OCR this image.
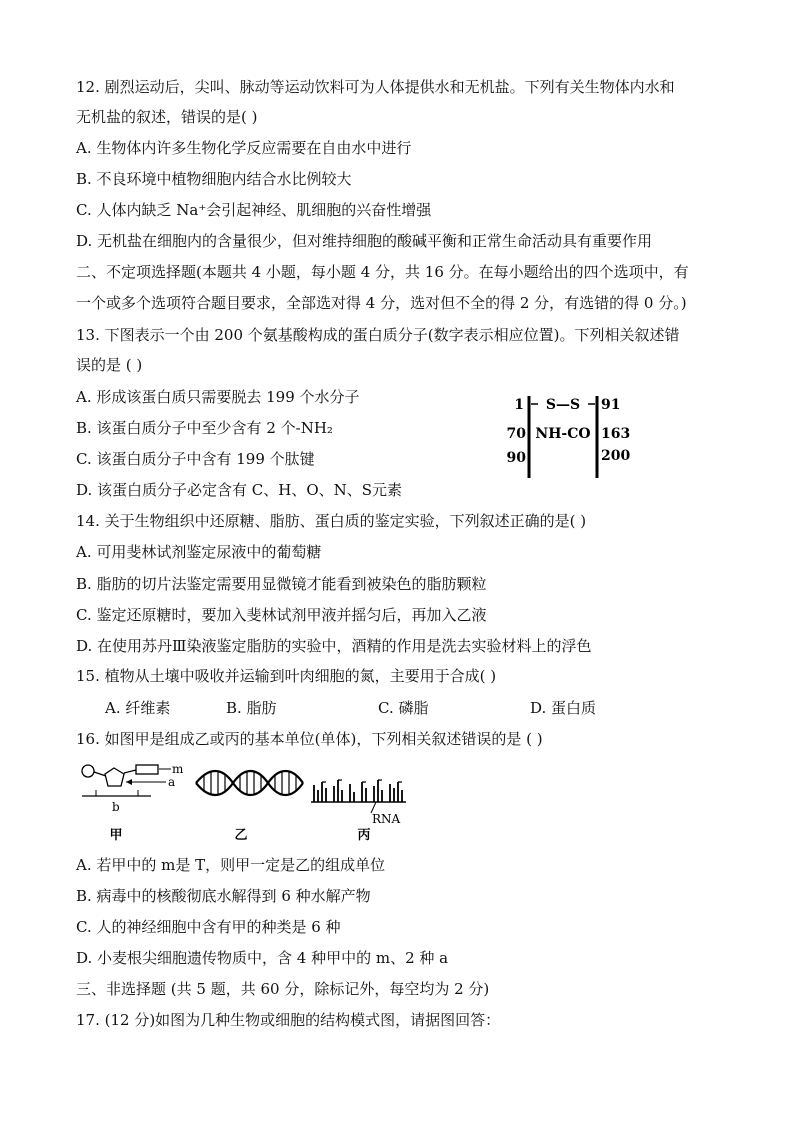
12. 剧烈运动后，尖叫、脉动等运动饮料可为人体提供水和无机盐。下列有关生物体内水和
无机盐的叙述，错误的是( )
A. 生物体内许多生物化学反应需要在自由水中进行
B. 不良环境中植物细胞内结合水比例较大
C. 人体内缺乏 Na⁺会引起神经、肌细胞的兴奋性增强
D. 无机盐在细胞内的含量很少，但对维持细胞的酸碱平衡和正常生命活动具有重要作用
二、不定项选择题(本题共 4 小题，每小题 4 分，共 16 分。在每小题给出的四个选项中，有
一个或多个选项符合题目要求，全部选对得 4 分，选对但不全的得 2 分，有选错的得 0 分。)
13. 下图表示一个由 200 个氨基酸构成的蛋白质分子(数字表示相应位置)。下列相关叙述错
误的是 ( )
A. 形成该蛋白质只需要脱去 199 个水分子
B. 该蛋白质分子中至少含有 2 个-NH₂
C. 该蛋白质分子中含有 199 个肽键
D. 该蛋白质分子必定含有 C、H、O、N、S元素
1 S—S 91
70 NH-CO 163
90	200
14. 关于生物组织中还原糖、脂肪、蛋白质的鉴定实验，下列叙述正确的是( )
A. 可用斐林试剂鉴定尿液中的葡萄糖
B. 脂肪的切片法鉴定需要用显微镜才能看到被染色的脂肪颗粒
C. 鉴定还原糖时，要加入斐林试剂甲液并摇匀后，再加入乙液
D. 在使用苏丹Ⅲ染液鉴定脂肪的实验中，酒精的作用是洗去实验材料上的浮色
15. 植物从土壤中吸收并运输到叶肉细胞的氮，主要用于合成( )
A. 纤维素	B. 脂肪	C. 磷脂	D. 蛋白质
16. 如图甲是组成乙或丙的基本单位(单体)，下列相关叙述错误的是 ( )
m
a
b
甲	乙
RNA
丙
A. 若甲中的 m是 T，则甲一定是乙的组成单位
B. 病毒中的核酸彻底水解得到 6 种水解产物
C. 人的神经细胞中含有甲的种类是 6 种
D. 小麦根尖细胞遗传物质中，含 4 种甲中的 m、2 种 a
三、非选择题 (共 5 题，共 60 分，除标记外，每空均为 2 分)
17. (12 分)如图为几种生物或细胞的结构模式图，请据图回答：
